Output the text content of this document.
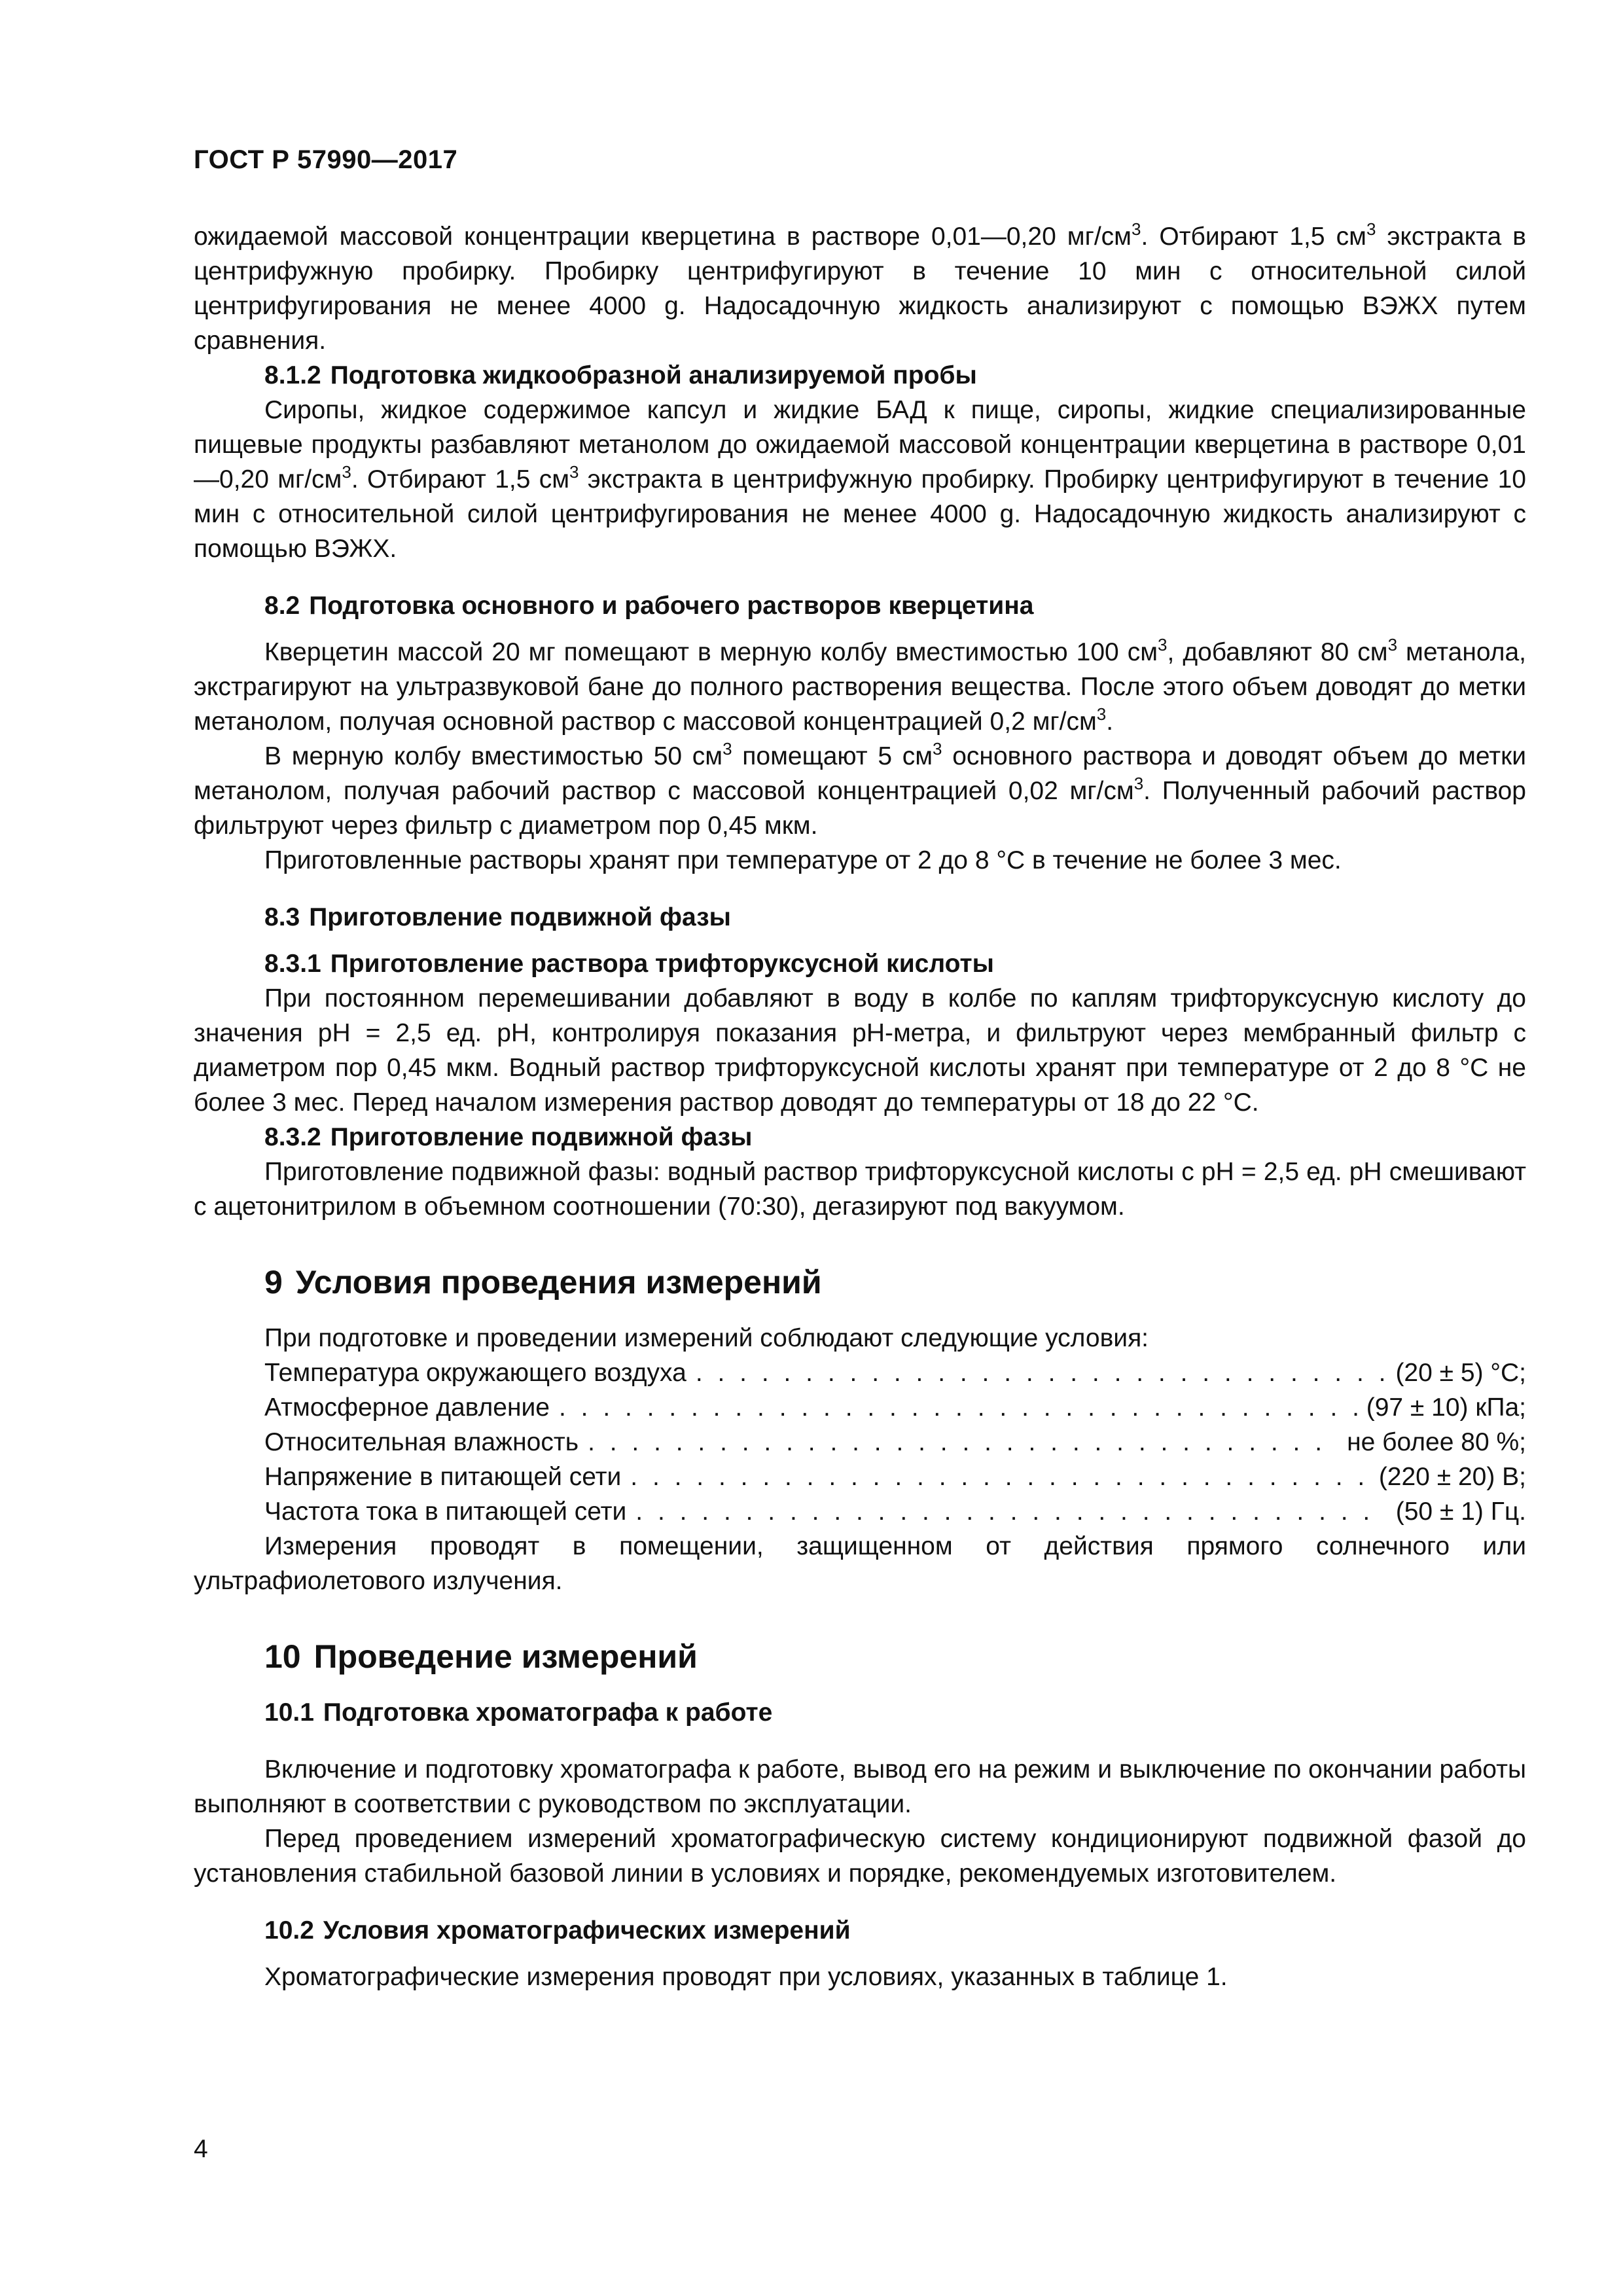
ГОСТ Р 57990—2017

ожидаемой массовой концентрации кверцетина в растворе 0,01—0,20 $мг/см^3$. Отбирают 1,5 $см^3$ экстракта в центрифужную пробирку. Пробирку центрифугируют в течение 10 мин с относительной силой центрифугирования не менее 4000 g. Надосадочную жидкость анализируют с помощью ВЭЖХ путем сравнения.

8.1.2 Подготовка жидкообразной анализируемой пробы

Сиропы, жидкое содержимое капсул и жидкие БАД к пище, сиропы, жидкие специализированные пищевые продукты разбавляют метанолом до ожидаемой массовой концентрации кверцетина в растворе 0,01—0,20 $мг/см^3$. Отбирают 1,5 $см^3$ экстракта в центрифужную пробирку. Пробирку центрифугируют в течение 10 мин с относительной силой центрифугирования не менее 4000 g. Надосадочную жидкость анализируют с помощью ВЭЖХ.

8.2 Подготовка основного и рабочего растворов кверцетина

Кверцетин массой 20 мг помещают в мерную колбу вместимостью 100 $см^3$, добавляют 80 $см^3$ метанола, экстрагируют на ультразвуковой бане до полного растворения вещества. После этого объем доводят до метки метанолом, получая основной раствор с массовой концентрацией 0,2 $мг/см^3$.

В мерную колбу вместимостью 50 $см^3$ помещают 5 $см^3$ основного раствора и доводят объем до метки метанолом, получая рабочий раствор с массовой концентрацией 0,02 $мг/см^3$. Полученный рабочий раствор фильтруют через фильтр с диаметром пор 0,45 мкм.

Приготовленные растворы хранят при температуре от 2 до 8 °C в течение не более 3 мес.

8.3 Приготовление подвижной фазы
8.3.1 Приготовление раствора трифторуксусной кислоты

При постоянном перемешивании добавляют в воду в колбе по каплям трифторуксусную кислоту до значения pH = 2,5 ед. pH, контролируя показания pH-метра, и фильтруют через мембранный фильтр с диаметром пор 0,45 мкм. Водный раствор трифторуксусной кислоты хранят при температуре от 2 до 8 °C не более 3 мес. Перед началом измерения раствор доводят до температуры от 18 до 22 °C.

8.3.2 Приготовление подвижной фазы

Приготовление подвижной фазы: водный раствор трифторуксусной кислоты с pH = 2,5 ед. pH смешивают с ацетонитрилом в объемном соотношении (70:30), дегазируют под вакуумом.

9 Условия проведения измерений

При подготовке и проведении измерений соблюдают следующие условия:

Температура окружающего воздуха . . .	(20 ± 5) °С;
Атмосферное давление . . .	(97 ± 10) кПа;
Относительная влажность . . .	не более 80 %;
Напряжение в питающей сети . . .	(220 ± 20) В;
Частота тока в питающей сети . . .	(50 ± 1) Гц.

Измерения проводят в помещении, защищенном от действия прямого солнечного или ультрафиолетового излучения.

10 Проведение измерений
10.1 Подготовка хроматографа к работе

Включение и подготовку хроматографа к работе, вывод его на режим и выключение по окончании работы выполняют в соответствии с руководством по эксплуатации.

Перед проведением измерений хроматографическую систему кондиционируют подвижной фазой до установления стабильной базовой линии в условиях и порядке, рекомендуемых изготовителем.

10.2 Условия хроматографических измерений

Хроматографические измерения проводят при условиях, указанных в таблице 1.

4
